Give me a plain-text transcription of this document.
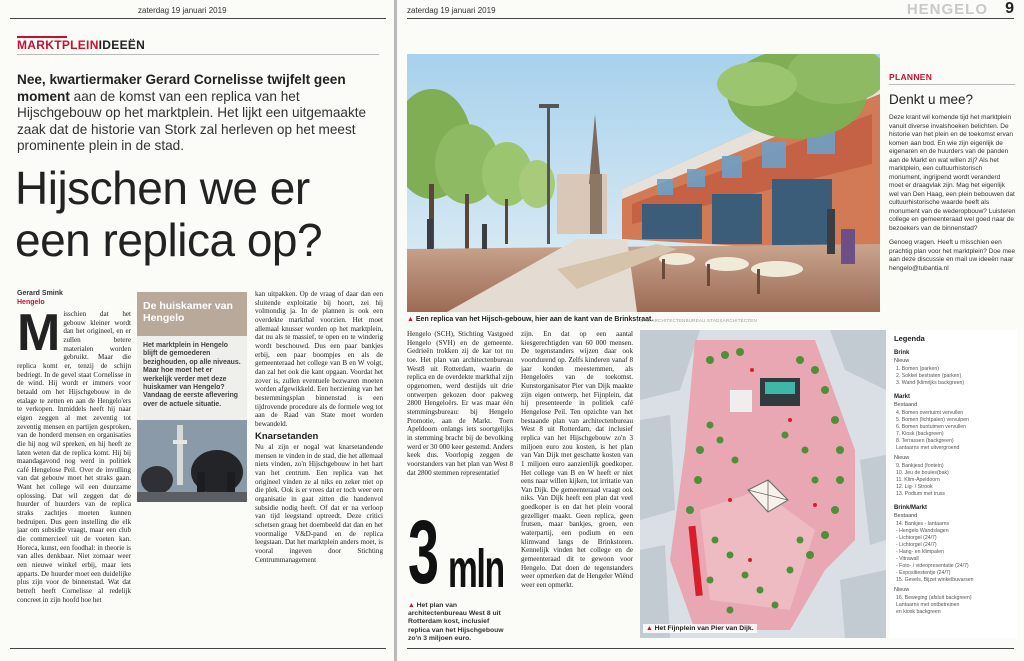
zaterdag 19 januari 2019
MARKTPLEINIDEEËN
Nee, kwartiermaker Gerard Cornelisse twijfelt geen moment aan de komst van een replica van het Hijschgebouw op het marktplein. Het lijkt een uitgemaakte zaak dat de historie van Stork zal herleven op het meest prominente plein in de stad.
Hijschen we er een replica op?
Gerard Smink
Hengelo
Misschien dat het gebouw kleiner wordt dan het origineel, en er zullen betere materialen worden gebruikt. Maar die replica komt er, tenzij de schijn bedriegt. In de gevel staat Cornelisse in de wind. Hij wordt er immers voor betaald om het Hijschgebouw in de etalage te zetten en aan de Hengelo'ers te verkopen. Inmiddels heeft hij naar eigen zeggen al met zeventig tot zeventig mensen en partijen gesproken, van de honderd mensen en organisaties die hij nog wil spreken, en hij heeft ze laten weten dat de replica komt. Hij bij maandagavond nog werd in politiek café Hengelose Peil. Over de invulling van dat gebouw moet het straks gaan. Want het college wil een duurzame oplossing. Dat wil zeggen dat de huurder of huurders van de replica straks zachtjes moeten kunnen bedruipen. Dus geen instelling die elk jaar om subsidie vraagt, maar een club die commercieel uit de voeten kan. Horeca, kunst, een foodhal: in theorie is van alles denkbaar. Niet zomaar weer een nieuwe winkel erbij, maar iets apparts. De huurder moet een duidelijke plus zijn voor de binnenstad. Wat dat betreft heeft Cornelisse al redelijk concreet in zijn hoofd hoe het
De huiskamer van Hengelo
Het marktplein in Hengelo blijft de gemoederen bezighouden, op alle niveaus. Maar hoe moet het er werkelijk verder met deze huiskamer van Hengelo? Vandaag de eerste aflevering over de actuele situatie.

kan uitpakken. Op de vraag of daar dan een sluitende exploitatie bij hoort, zei hij volmondig ja. In de plannen is ook een overdekte markthal voorzien. Het moet allemaal knusser worden op het marktplein, dat nu als te massief, te open en te winderig wordt beschouwd. Dus een paar bankjes erbij, een paar boompjes en als de gemeenteraad het college van B en W volgt, dan zal het ook die kant opgaan. Voordat het zover is, zullen eventuele bezwaren moeten worden afgewikkeld. Een herziening van het bestemmingsplan binnenstad is een tijdrovende procedure als de formele weg tot aan de Raad van State moet worden bewandeld.

Knarsetanden

Nu al zijn er nogal wat knarsetandende mensen te vinden in de stad, die het allemaal niets vinden, zo'n Hijschgebouw in het hart van het centrum. Een replica van het origineel vinden ze al niks en zeker niet op die plek. Ook is er vrees dat er toch weer een organisatie in gaat zitten die handenvol subsidie nodig heeft. Of dat er na verloop van tijd leegstand optreedt. Deze critici schetsen graag het doembeeld dat dan en het voormalige V&D-pand en de replica leegstaan. Dat het marktplein anders moet, is vooral ingeven door Stichting Centrummanagement

zaterdag 19 januari 2019	HENGELO 9
▲ Een replica van het Hijsch-gebouw, hier aan de kant van de Brinkstraat.
FOTO ARCHITECTENBUREAU STADSARCHITECTEN
Hengelo (SCH), Stichting Vastgoed Hengelo (SVH) en de gemeente. Gedrieën trokken zij de kar tot nu toe. Het plan van architectenbureau West8 uit Rotterdam, waarin de replica en de overdekte markthal zijn opgenomen, werd destijds uit drie ontwerpen gekozen door pakweg 2800 Hengeloërs. Er was maar één stemmingsbureau: bij Hengelo Promotie, aan de Markt. Toen Apeldoorn onlangs iets soortgelijks in stemming bracht bij de bevolking werd er 30 000 keer gestemd. Anders keek dus. Voorlopig zeggen de voorstanders van het plan van West 8 dat 2800 stemmen representatief
3 mln
▲ Het plan van architectenbureau West 8 uit Rotterdam kost, inclusief replica van het Hijschgebouw zo'n 3 miljoen euro.
zijn. En dat op een aantal kiesgerechtigden van 60 000 mensen. De tegenstanders wijzen daar ook voortdurend op. Zelfs kinderen vanaf 8 jaar konden meestemmen, als Hengeloërs van de toekomst. Kunstorganisator Pier van Dijk maakte zijn eigen ontwerp, het Fijnplein, dat hij presenteerde in politiek café Hengelose Peil. Ten opzichte van het bestaande plan van architectenbureau West 8 uit Rotterdam, dat inclusief replica van het Hijschgebouw zo'n 3 miljoen euro zou kosten, is het plan van Van Dijk met geschatte kosten van 1 miljoen euro aanzienlijk goedkoper. Het college van B en W heeft er niet eens naar willen kijken, tot irritatie van Van Dijk. De gemeenteraad vraagt ook niks. Van Dijk heeft een plan dat veel goedkoper is en dat het plein vooral gezelliger maakt. Geen replica, geen frutsen, maar bankjes, groen, een waterpartij, een podium en een klimwand langs de Brinkstoren. Kennelijk vinden het college en de gemeenteraad dit te gewoon voor Hengelo. Dat doen de tegenstanders weer opmerken dat de Hengeler Wiënd weer een opmerkt.
▲ Het Fijnplein van Pier van Dijk.
Legenda
Brink
Nieuw
1. Bomen (parken)
2. Sokkel bestraten (parken)
3. Wand (klimrijks backgreen)
Markt
Bestaand
4. Bomen overtuimt vervullen
5. Bomen (lichtpalen) vervulpen
6. Bomen buntuimen vervullen
7. Kiosk (backgreen)
8. Terrassen (backgreen)
Lantaarns met uitvergroend
Nieuw
9. Bankjesd (fontein)
10. Jeu de boules(bak)
11. Klim-Apeldoorn
12. Lig- / Strook
13. Podium met truss
Brink/Markt
Bestaand
14. Bankjes - lantaarns
- Hengelo Wandslagen
- Lichtorgel (24/7)
- Lichtorgel (24/7)
- Hang- en klimpalen
- Vitrawall
- Foto- / videopresentatie (24/7)
- Expositiestentje (24/7)
15. Gevels, Bijzet winkelbuvarsen
Nieuw
16. Beweging (afsluit backgreen)
Lantaarns met ontbetreinen
en kiosk backgreen
PLANNEN
Denkt u mee?

Deze krant wil komende tijd het marktplein vanuit diverse invalshoeken belichten. De historie van het plein en de toekomst ervan komen aan bod. En wie zijn eigenlijk de eigenaren en de huurders van de panden aan de Markt en wat willen zij? Als het marktplein, een cultuurhistorisch monument, ingrijpend wordt veranderd moet er draagvlak zijn. Mag het eigenlijk wel van Den Haag, een plein bebouwen dat cultuurhistorische waarde heeft als monument van de wederopbouw? Luisteren college en gemeenteraad wel goed naar de bezoekers van de binnenstad?

Genoeg vragen. Heeft u misschien een prachtig plan voor het marktplein? Doe mee aan deze discussie en mail uw ideeën naar hengelo@tubantia.nl
